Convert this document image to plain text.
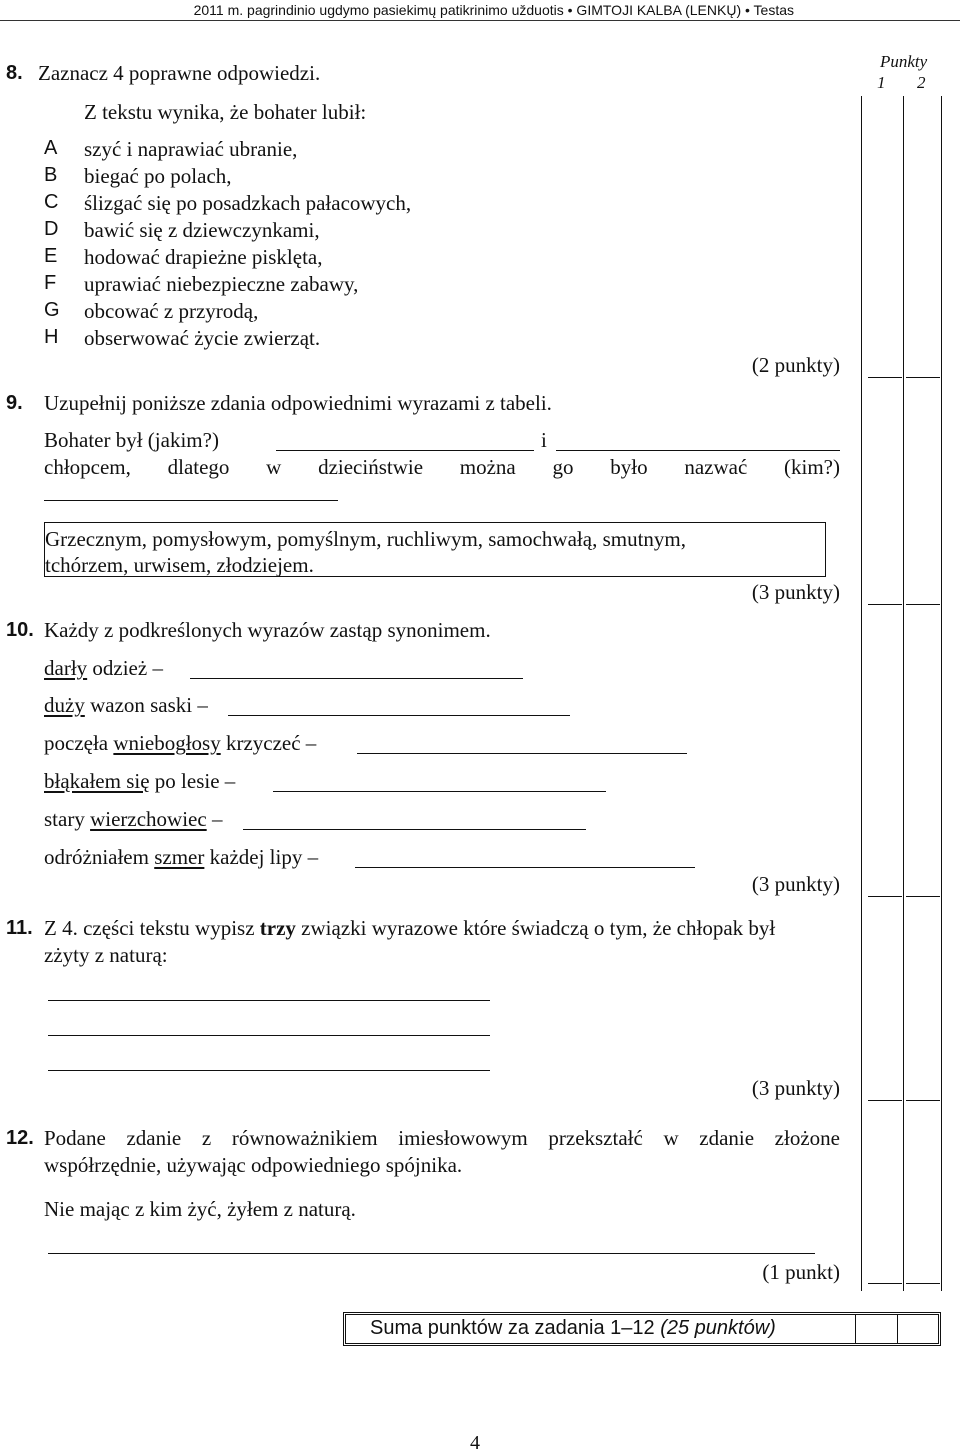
2011 m. pagrindinio ugdymo pasiekimų patikrinimo užduotis • GIMTOJI KALBA (LENKŲ) • Testas
Punkty
1 2
8. Zaznacz 4 poprawne odpowiedzi.
Z tekstu wynika, że bohater lubił:
A szyć i naprawiać ubranie,
B biegać po polach,
C ślizgać się po posadzkach pałacowych,
D bawić się z dziewczynkami,
E hodować drapieżne pisklęta,
F uprawiać niebezpieczne zabawy,
G obcować z przyrodą,
H obserwować życie zwierząt.
(2 punkty)
9. Uzupełnij poniższe zdania odpowiednimi wyrazami z tabeli.
Bohater był (jakim?)	i
chłopcem, dlatego w dzieciństwie można go było nazwać (kim?)
Grzecznym, pomysłowym, pomyślnym, ruchliwym, samochwałą, smutnym, tchórzem, urwisem, złodziejem.
(3 punkty)
10. Każdy z podkreślonych wyrazów zastąp synonimem.
darły odzież –
duży wazon saski –
poczęła wniebogłosy krzyczeć –
błąkałem się po lesie –
stary wierzchowiec –
odróżniałem szmer każdej lipy –
(3 punkty)
11. Z 4. części tekstu wypisz trzy związki wyrazowe które świadczą o tym, że chłopak był
zżyty z naturą:
(3 punkty)
12. Podane zdanie z równoważnikiem imiesłowowym przekształć w zdanie złożone
współrzędnie, używając odpowiedniego spójnika.
Nie mając z kim żyć, żyłem z naturą.
(1 punkt)
Suma punktów za zadania 1–12 (25 punktów)
4
